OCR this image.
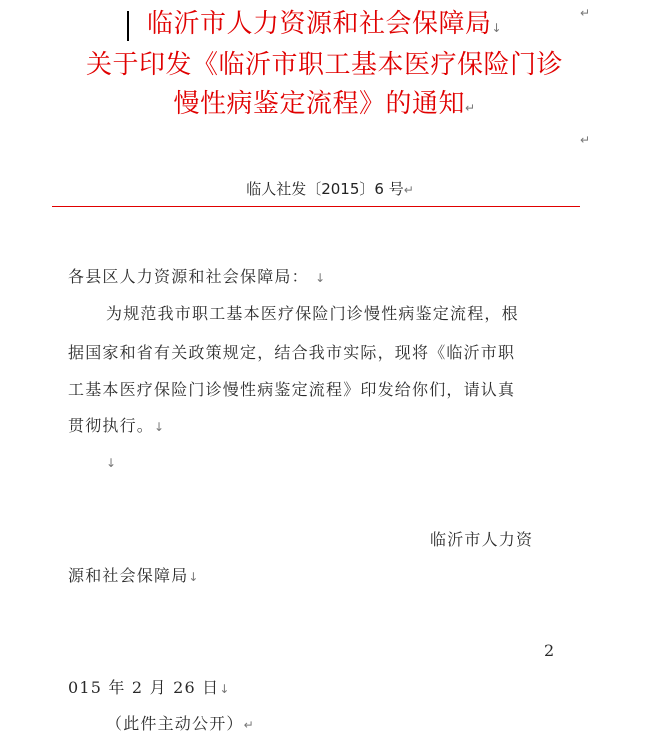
临沂市人力资源和社会保障局↓
↵
关于印发《临沂市职工基本医疗保险门诊
慢性病鉴定流程》的通知↵
↵
临人社发〔2015〕6 号↵
各县区人力资源和社会保障局： ↓
为规范我市职工基本医疗保险门诊慢性病鉴定流程，根
据国家和省有关政策规定，结合我市实际，现将《临沂市职
工基本医疗保险门诊慢性病鉴定流程》印发给你们，请认真
贯彻执行。↓
↓
临沂市人力资
源和社会保障局↓
2
015 年 2 月 26 日↓
（此件主动公开）↵
